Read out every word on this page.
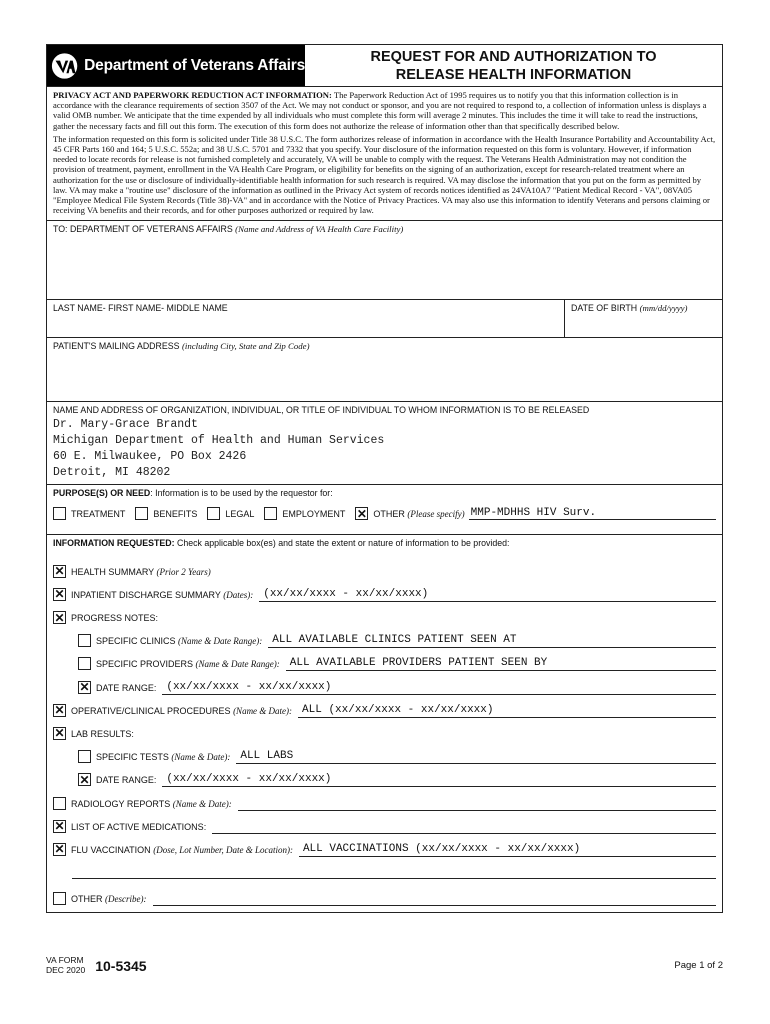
Department of Veterans Affairs	REQUEST FOR AND AUTHORIZATION TO
RELEASE HEALTH INFORMATION

PRIVACY ACT AND PAPERWORK REDUCTION ACT INFORMATION: The Paperwork Reduction Act of 1995 requires us to notify you that this information collection is in accordance with the clearance requirements of section 3507 of the Act. We may not conduct or sponsor, and you are not required to respond to, a collection of information unless is displays a valid OMB number. We anticipate that the time expended by all individuals who must complete this form will average 2 minutes. This includes the time it will take to read the instructions, gather the necessary facts and fill out this form. The execution of this form does not authorize the release of information other than that specifically described below.

The information requested on this form is solicited under Title 38 U.S.C. The form authorizes release of information in accordance with the Health Insurance Portability and Accountability Act, 45 CFR Parts 160 and 164; 5 U.S.C. 552a; and 38 U.S.C. 5701 and 7332 that you specify. Your disclosure of the information requested on this form is voluntary. However, if information needed to locate records for release is not furnished completely and accurately, VA will be unable to comply with the request. The Veterans Health Administration may not condition the provision of treatment, payment, enrollment in the VA Health Care Program, or eligibility for benefits on the signing of an authorization, except for research-related treatment where an authorization for the use or disclosure of individually-identifiable health information for such research is required. VA may disclose the information that you put on the form as permitted by law. VA may make a "routine use" disclosure of the information as outlined in the Privacy Act system of records notices identified as 24VA10A7 "Patient Medical Record - VA", 08VA05 "Employee Medical File System Records (Title 38)-VA" and in accordance with the Notice of Privacy Practices. VA may also use this information to identify Veterans and persons claiming or receiving VA benefits and their records, and for other purposes authorized or required by law.

TO: DEPARTMENT OF VETERANS AFFAIRS (Name and Address of VA Health Care Facility)
LAST NAME- FIRST NAME- MIDDLE NAME	DATE OF BIRTH (mm/dd/yyyy)
PATIENT'S MAILING ADDRESS (including City, State and Zip Code)
NAME AND ADDRESS OF ORGANIZATION, INDIVIDUAL, OR TITLE OF INDIVIDUAL TO WHOM INFORMATION IS TO BE RELEASED
Dr. Mary-Grace Brandt
Michigan Department of Health and Human Services
60 E. Milwaukee, PO Box 2426
Detroit, MI 48202
PURPOSE(S) OR NEED: Information is to be used by the requestor for:
TREATMENT	BENEFITS	LEGAL	EMPLOYMENT
✕	OTHER
(Please specify) MMP-MDHHS HIV Surv.
INFORMATION REQUESTED: Check applicable box(es) and state the extent or nature of information to be provided:
✕
HEALTH SUMMARY (Prior 2 Years)
✕
INPATIENT DISCHARGE SUMMARY (Dates): (xx/xx/xxxx - xx/xx/xxxx)
✕
PROGRESS NOTES:
SPECIFIC CLINICS (Name & Date Range): ALL AVAILABLE CLINICS PATIENT SEEN AT
SPECIFIC PROVIDERS (Name & Date Range): ALL AVAILABLE PROVIDERS PATIENT SEEN BY
✕
DATE RANGE: (xx/xx/xxxx - xx/xx/xxxx)
✕
OPERATIVE/CLINICAL PROCEDURES (Name & Date): ALL (xx/xx/xxxx - xx/xx/xxxx)
✕
LAB RESULTS:
SPECIFIC TESTS (Name & Date): ALL LABS
✕
DATE RANGE: (xx/xx/xxxx - xx/xx/xxxx)
RADIOLOGY REPORTS (Name & Date):
✕
LIST OF ACTIVE MEDICATIONS:
✕
FLU VACCINATION (Dose, Lot Number, Date & Location): ALL VACCINATIONS (xx/xx/xxxx - xx/xx/xxxx)
OTHER (Describe):
VA FORM
DEC 2020 10-5345	Page 1 of 2
